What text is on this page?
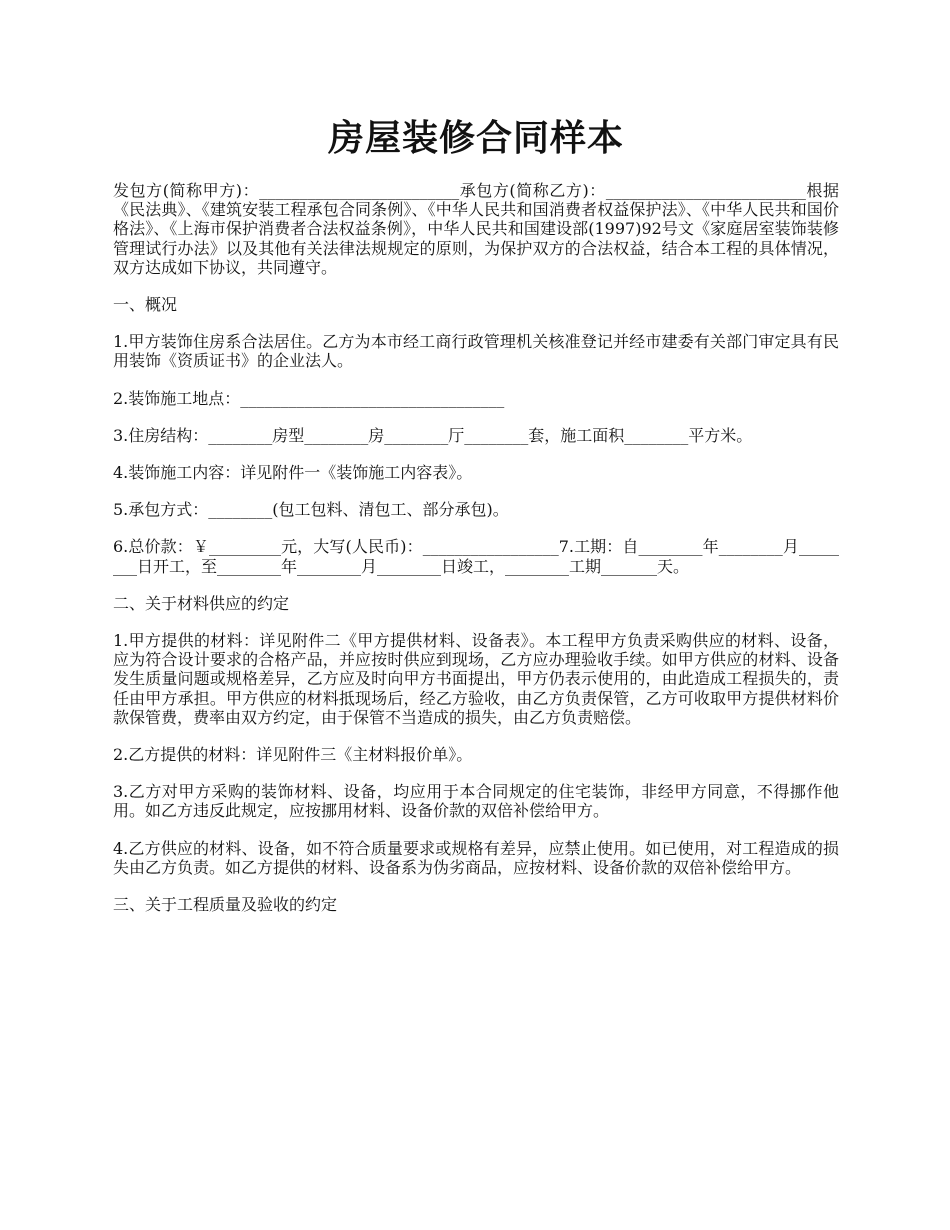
房屋装修合同样本

发包方(简称甲方)：_________________________承包方(简称乙方)：_________________________根据《民法典》、《建筑安装工程承包合同条例》、《中华人民共和国消费者权益保护法》、《中华人民共和国价格法》、《上海市保护消费者合法权益条例》，中华人民共和国建设部(1997)92号文《家庭居室装饰装修管理试行办法》以及其他有关法律法规规定的原则，为保护双方的合法权益，结合本工程的具体情况，双方达成如下协议，共同遵守。

一、概况

1.甲方装饰住房系合法居住。乙方为本市经工商行政管理机关核准登记并经市建委有关部门审定具有民用装饰《资质证书》的企业法人。

2.装饰施工地点：_________________________________

3.住房结构：________房型________房________厅________套，施工面积________平方米。

4.装饰施工内容：详见附件一《装饰施工内容表》。

5.承包方式：________(包工包料、清包工、部分承包)。

6.总价款：￥_________元，大写(人民币)：_________________7.工期：自________年________月________日开工，至________年________月________日竣工，________工期_______天。

二、关于材料供应的约定

1.甲方提供的材料：详见附件二《甲方提供材料、设备表》。本工程甲方负责采购供应的材料、设备，应为符合设计要求的合格产品，并应按时供应到现场，乙方应办理验收手续。如甲方供应的材料、设备发生质量问题或规格差异，乙方应及时向甲方书面提出，甲方仍表示使用的，由此造成工程损失的，责任由甲方承担。甲方供应的材料抵现场后，经乙方验收，由乙方负责保管，乙方可收取甲方提供材料价款保管费，费率由双方约定，由于保管不当造成的损失，由乙方负责赔偿。

2.乙方提供的材料：详见附件三《主材料报价单》。

3.乙方对甲方采购的装饰材料、设备，均应用于本合同规定的住宅装饰，非经甲方同意，不得挪作他用。如乙方违反此规定，应按挪用材料、设备价款的双倍补偿给甲方。

4.乙方供应的材料、设备，如不符合质量要求或规格有差异，应禁止使用。如已使用，对工程造成的损失由乙方负责。如乙方提供的材料、设备系为伪劣商品，应按材料、设备价款的双倍补偿给甲方。

三、关于工程质量及验收的约定
